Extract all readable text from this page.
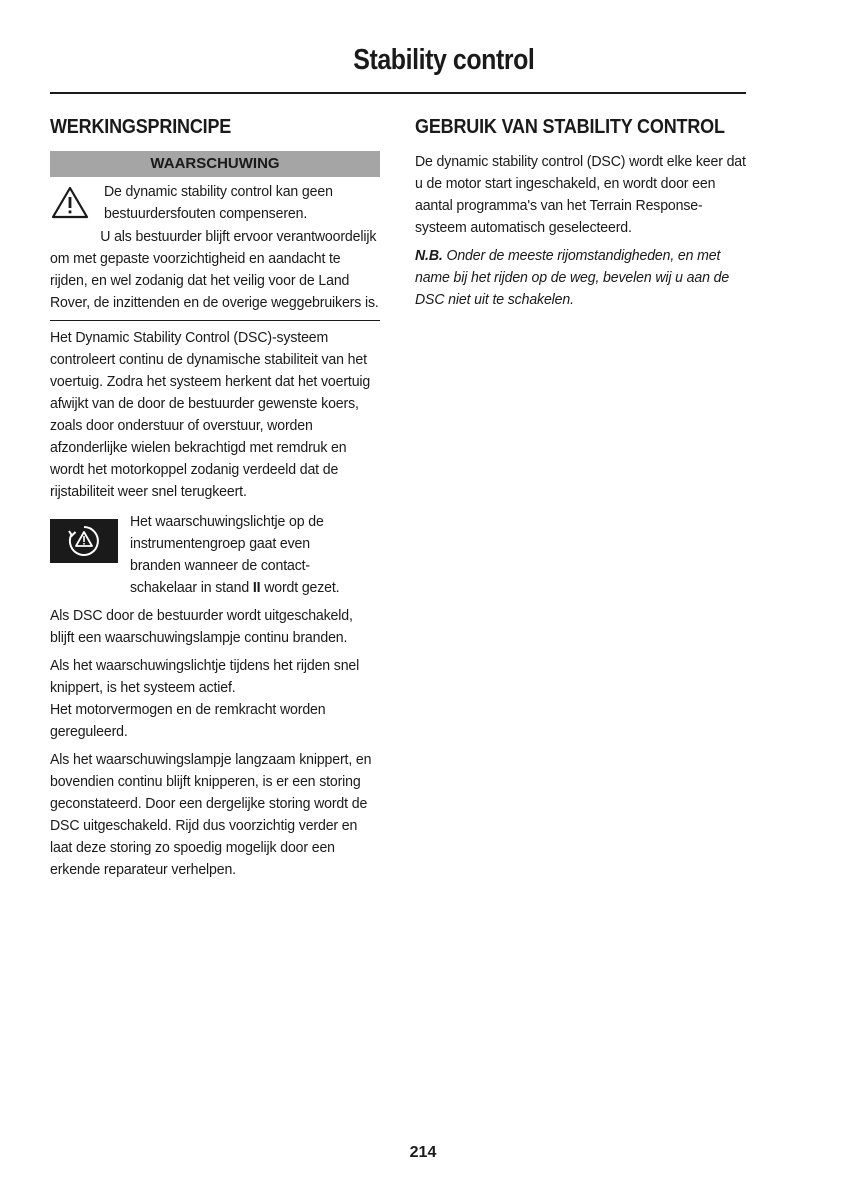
Stability control
WERKINGSPRINCIPE
WAARSCHUWING

De dynamic stability control kan geen bestuurdersfouten compenseren.

U als bestuurder blijft ervoor verantwoordelijk om met gepaste voorzichtigheid en aandacht te rijden, en wel zodanig dat het veilig voor de Land Rover, de inzittenden en de overige weggebruikers is.

Het Dynamic Stability Control (DSC)-systeem controleert continu de dynamische stabiliteit van het voertuig. Zodra het systeem herkent dat het voertuig afwijkt van de door de bestuurder gewenste koers, zoals door onderstuur of overstuur, worden afzonderlijke wielen bekrachtigd met remdruk en wordt het motorkoppel zodanig verdeeld dat de rijstabiliteit weer snel terugkeert.

Het waarschuwingslichtje op de instrumentengroep gaat even branden wanneer de contact- schakelaar in stand II wordt gezet.

Als DSC door de bestuurder wordt uitgeschakeld, blijft een waarschuwingslampje continu branden.

Als het waarschuwingslichtje tijdens het rijden snel knippert, is het systeem actief.

Het motorvermogen en de remkracht worden gereguleerd.

Als het waarschuwingslampje langzaam knippert, en bovendien continu blijft knipperen, is er een storing geconstateerd. Door een dergelijke storing wordt de DSC uitgeschakeld. Rijd dus voorzichtig verder en laat deze storing zo spoedig mogelijk door een erkende reparateur verhelpen.

GEBRUIK VAN STABILITY CONTROL

De dynamic stability control (DSC) wordt elke keer dat u de motor start ingeschakeld, en wordt door een aantal programma's van het Terrain Response-systeem automatisch geselecteerd.

N.B. Onder de meeste rijomstandigheden, en met name bij het rijden op de weg, bevelen wij u aan de DSC niet uit te schakelen.

214
